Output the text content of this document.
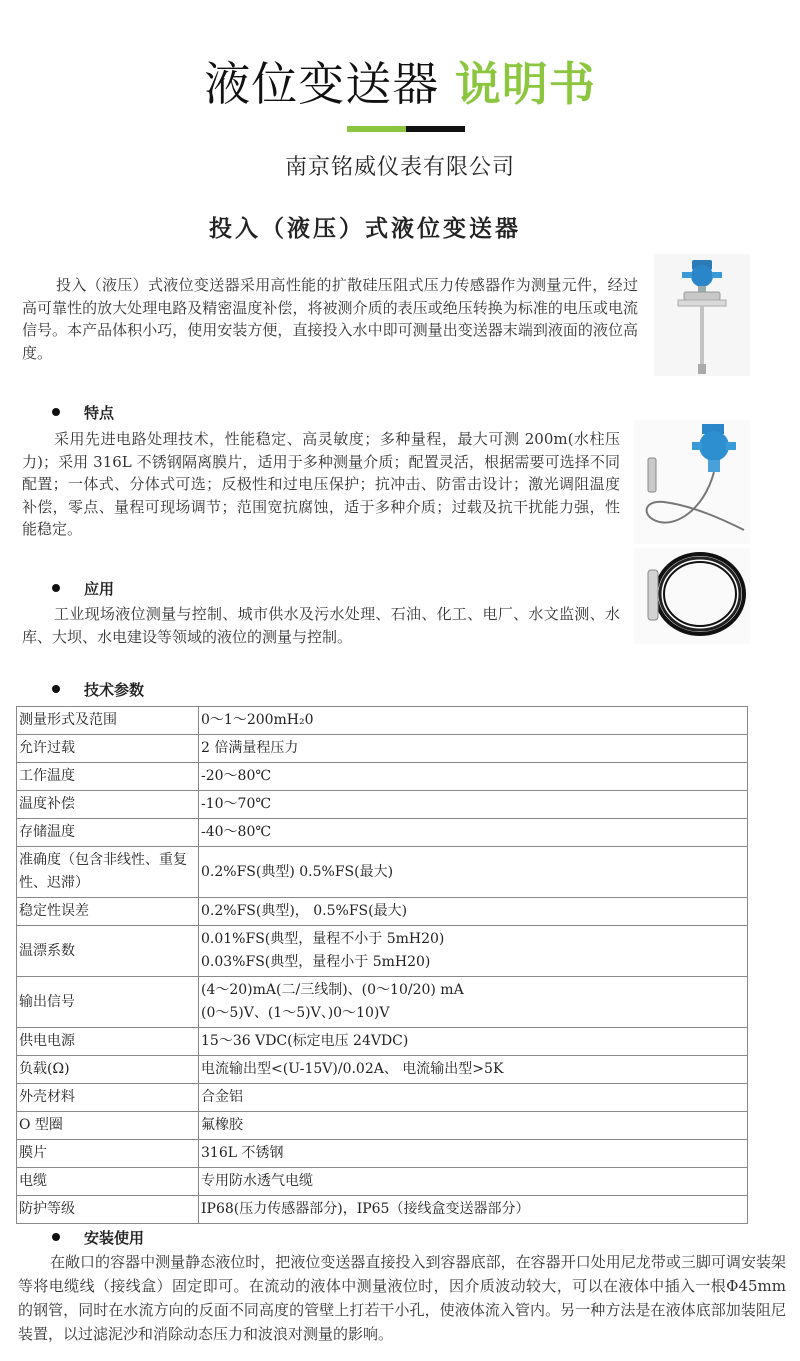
液位变送器 说明书
南京铭威仪表有限公司
投入（液压）式液位变送器
投入（液压）式液位变送器采用高性能的扩散硅压阻式压力传感器作为测量元件，经过高可靠性的放大处理电路及精密温度补偿，将被测介质的表压或绝压转换为标准的电压或电流信号。本产品体积小巧，使用安装方便，直接投入水中即可测量出变送器末端到液面的液位高度。
特点
采用先进电路处理技术，性能稳定、高灵敏度；多种量程，最大可测 200m(水柱压力)；采用 316L 不锈钢隔离膜片，适用于多种测量介质；配置灵活，根据需要可选择不同配置；一体式、分体式可选；反极性和过电压保护；抗冲击、防雷击设计；激光调阻温度补偿，零点、量程可现场调节；范围宽抗腐蚀，适于多种介质；过载及抗干扰能力强，性能稳定。
应用
工业现场液位测量与控制、城市供水及污水处理、石油、化工、电厂、水文监测、水库、大坝、水电建设等领域的液位的测量与控制。
技术参数
测量形式及范围	0～1～200mH₂0

允许过载	2 倍满量程压力

工作温度	-20～80℃

温度补偿	-10～70℃

存储温度	-40～80℃

准确度（包含非线性、重复性、迟滞）	0.2%FS(典型) 0.5%FS(最大)

稳定性误差	0.2%FS(典型)， 0.5%FS(最大)

温漂系数	0.01%FS(典型，量程不小于 5mH20)
0.03%FS(典型，量程小于 5mH20)

输出信号	(4～20)mA(二/三线制)、(0～10/20) mA
(0～5)V、(1～5)V、)0～10)V

供电电源	15～36 VDC(标定电压 24VDC)

负载(Ω)	电流输出型<(U-15V)/0.02A、 电流输出型>5K

外壳材料	合金铝

O 型圈	氟橡胶

膜片	316L 不锈钢

电缆	专用防水透气电缆

防护等级	IP68(压力传感器部分)，IP65（接线盒变送器部分）
安装使用
在敞口的容器中测量静态液位时，把液位变送器直接投入到容器底部，在容器开口处用尼龙带或三脚可调安装架等将电缆线（接线盒）固定即可。在流动的液体中测量液位时，因介质波动较大，可以在液体中插入一根Φ45mm 的钢管，同时在水流方向的反面不同高度的管壁上打若干小孔，使液体流入管内。另一种方法是在液体底部加装阻尼装置，以过滤泥沙和消除动态压力和波浪对测量的影响。
